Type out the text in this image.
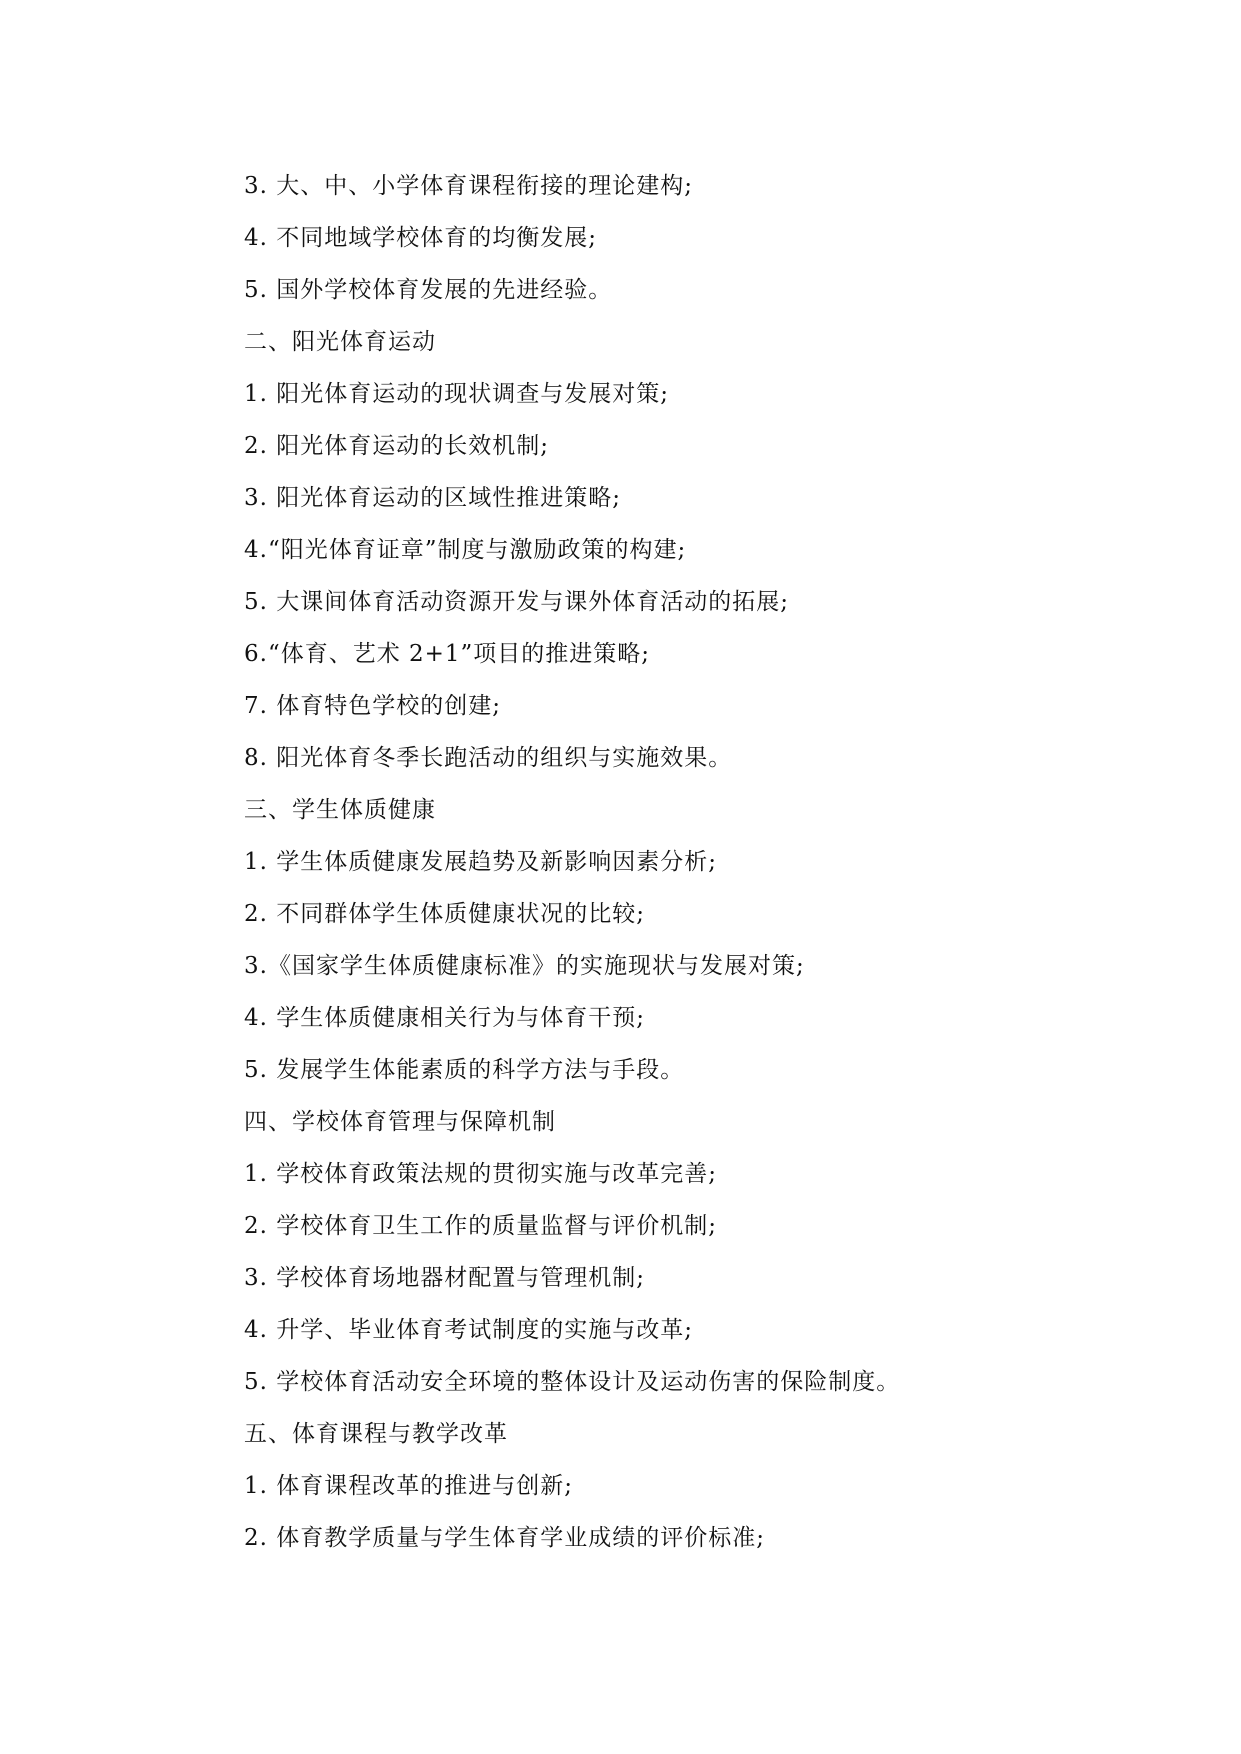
3. 大、中、小学体育课程衔接的理论建构;
4. 不同地域学校体育的均衡发展;
5. 国外学校体育发展的先进经验。
二、阳光体育运动
1. 阳光体育运动的现状调查与发展对策;
2. 阳光体育运动的长效机制;
3. 阳光体育运动的区域性推进策略;
4.“阳光体育证章”制度与激励政策的构建;
5. 大课间体育活动资源开发与课外体育活动的拓展;
6.“体育、艺术 2+1”项目的推进策略;
7. 体育特色学校的创建;
8. 阳光体育冬季长跑活动的组织与实施效果。
三、学生体质健康
1. 学生体质健康发展趋势及新影响因素分析;
2. 不同群体学生体质健康状况的比较;
3.《国家学生体质健康标准》的实施现状与发展对策;
4. 学生体质健康相关行为与体育干预;
5. 发展学生体能素质的科学方法与手段。
四、学校体育管理与保障机制
1. 学校体育政策法规的贯彻实施与改革完善;
2. 学校体育卫生工作的质量监督与评价机制;
3. 学校体育场地器材配置与管理机制;
4. 升学、毕业体育考试制度的实施与改革;
5. 学校体育活动安全环境的整体设计及运动伤害的保险制度。
五、体育课程与教学改革
1. 体育课程改革的推进与创新;
2. 体育教学质量与学生体育学业成绩的评价标准;
